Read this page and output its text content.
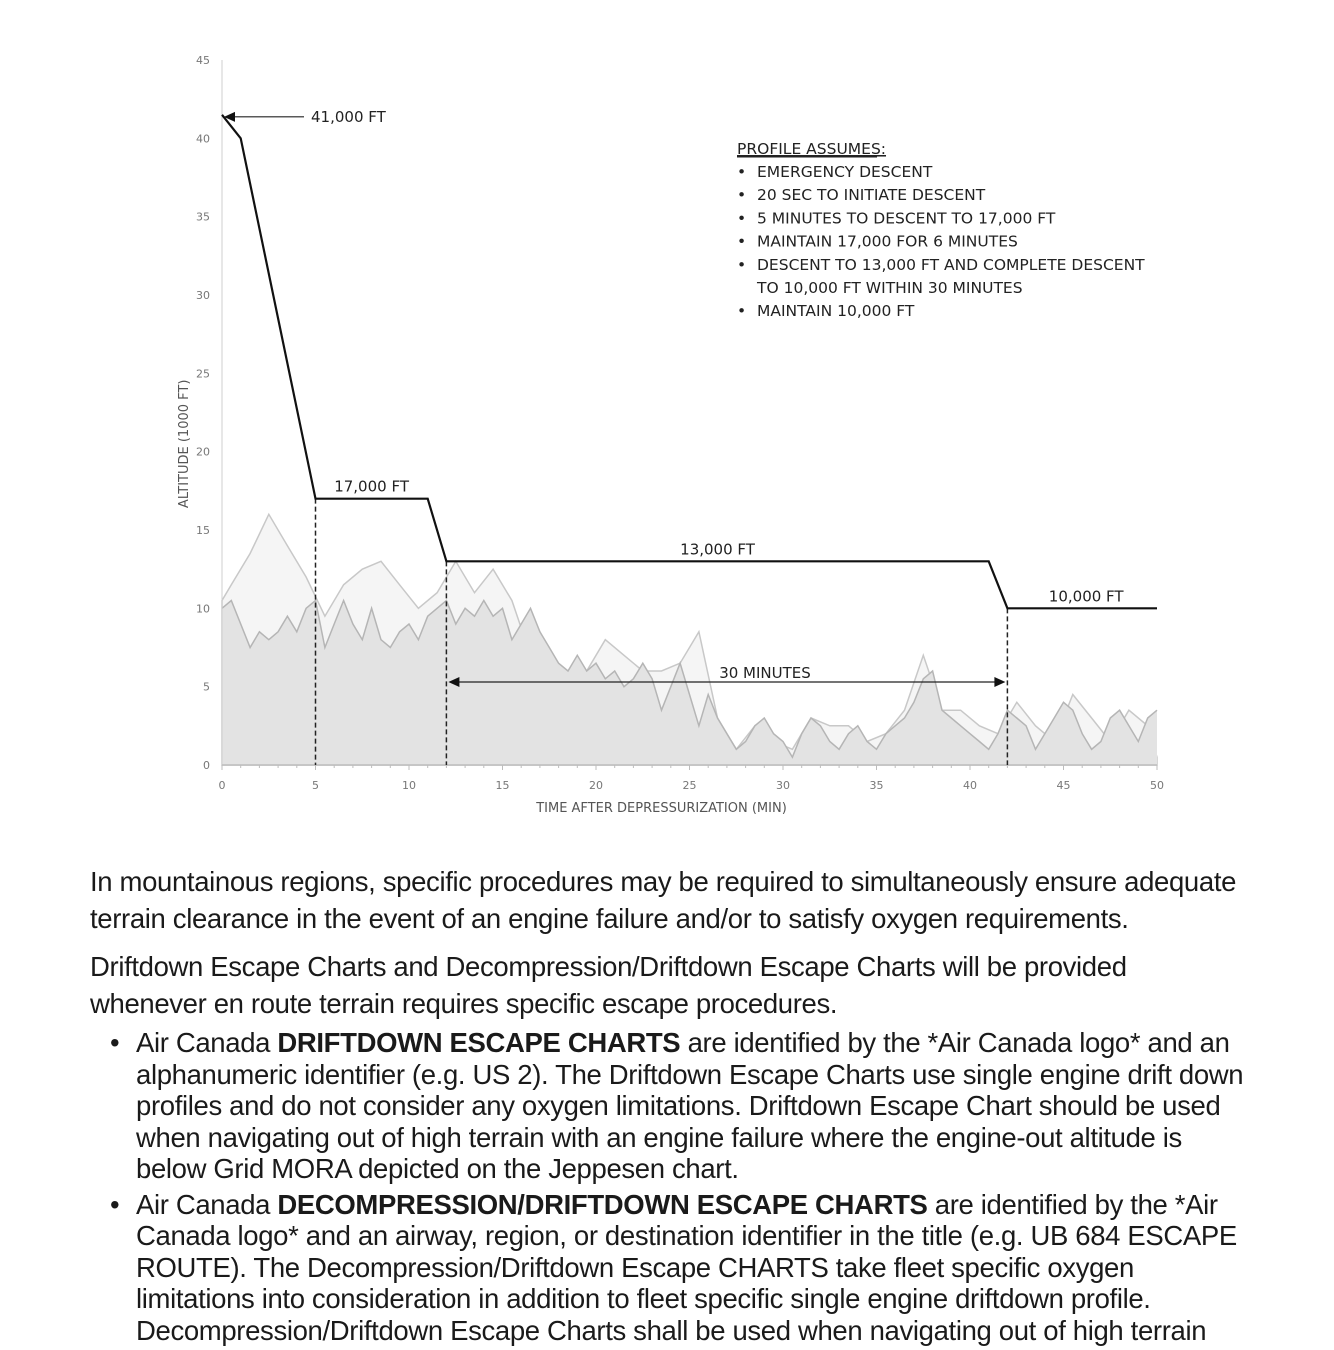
0	5	10	15	20	25	30	35	40	45	50
0
5
10
15
20
25
30
35
40
45
TIME AFTER DEPRESSURIZATION (MIN)
ALTITUDE (1000 FT)
41,000 FT
17,000 FT
13,000 FT
10,000 FT
30 MINUTES
PROFILE ASSUMES:
• EMERGENCY DESCENT
• 20 SEC TO INITIATE DESCENT
• 5 MINUTES TO DESCENT TO 17,000 FT
• MAINTAIN 17,000 FOR 6 MINUTES
• DESCENT TO 13,000 FT AND COMPLETE DESCENT
TO 10,000 FT WITHIN 30 MINUTES
• MAINTAIN 10,000 FT
In mountainous regions, specific procedures may be required to simultaneously ensure adequate terrain clearance in the event of an engine failure and/or to satisfy oxygen requirements.
Driftdown Escape Charts and Decompression/Driftdown Escape Charts will be provided whenever en route terrain requires specific escape procedures.
• Air Canada DRIFTDOWN ESCAPE CHARTS are identified by the *Air Canada logo* and an alphanumeric identifier (e.g. US 2). The Driftdown Escape Charts use single engine drift down profiles and do not consider any oxygen limitations. Driftdown Escape Chart should be used when navigating out of high terrain with an engine failure where the engine-out altitude is below Grid MORA depicted on the Jeppesen chart.
• Air Canada DECOMPRESSION/DRIFTDOWN ESCAPE CHARTS are identified by the *Air Canada logo* and an airway, region, or destination identifier in the title (e.g. UB 684 ESCAPE ROUTE). The Decompression/Driftdown Escape CHARTS take fleet specific oxygen limitations into consideration in addition to fleet specific single engine driftdown profile. Decompression/Driftdown Escape Charts shall be used when navigating out of high terrain
